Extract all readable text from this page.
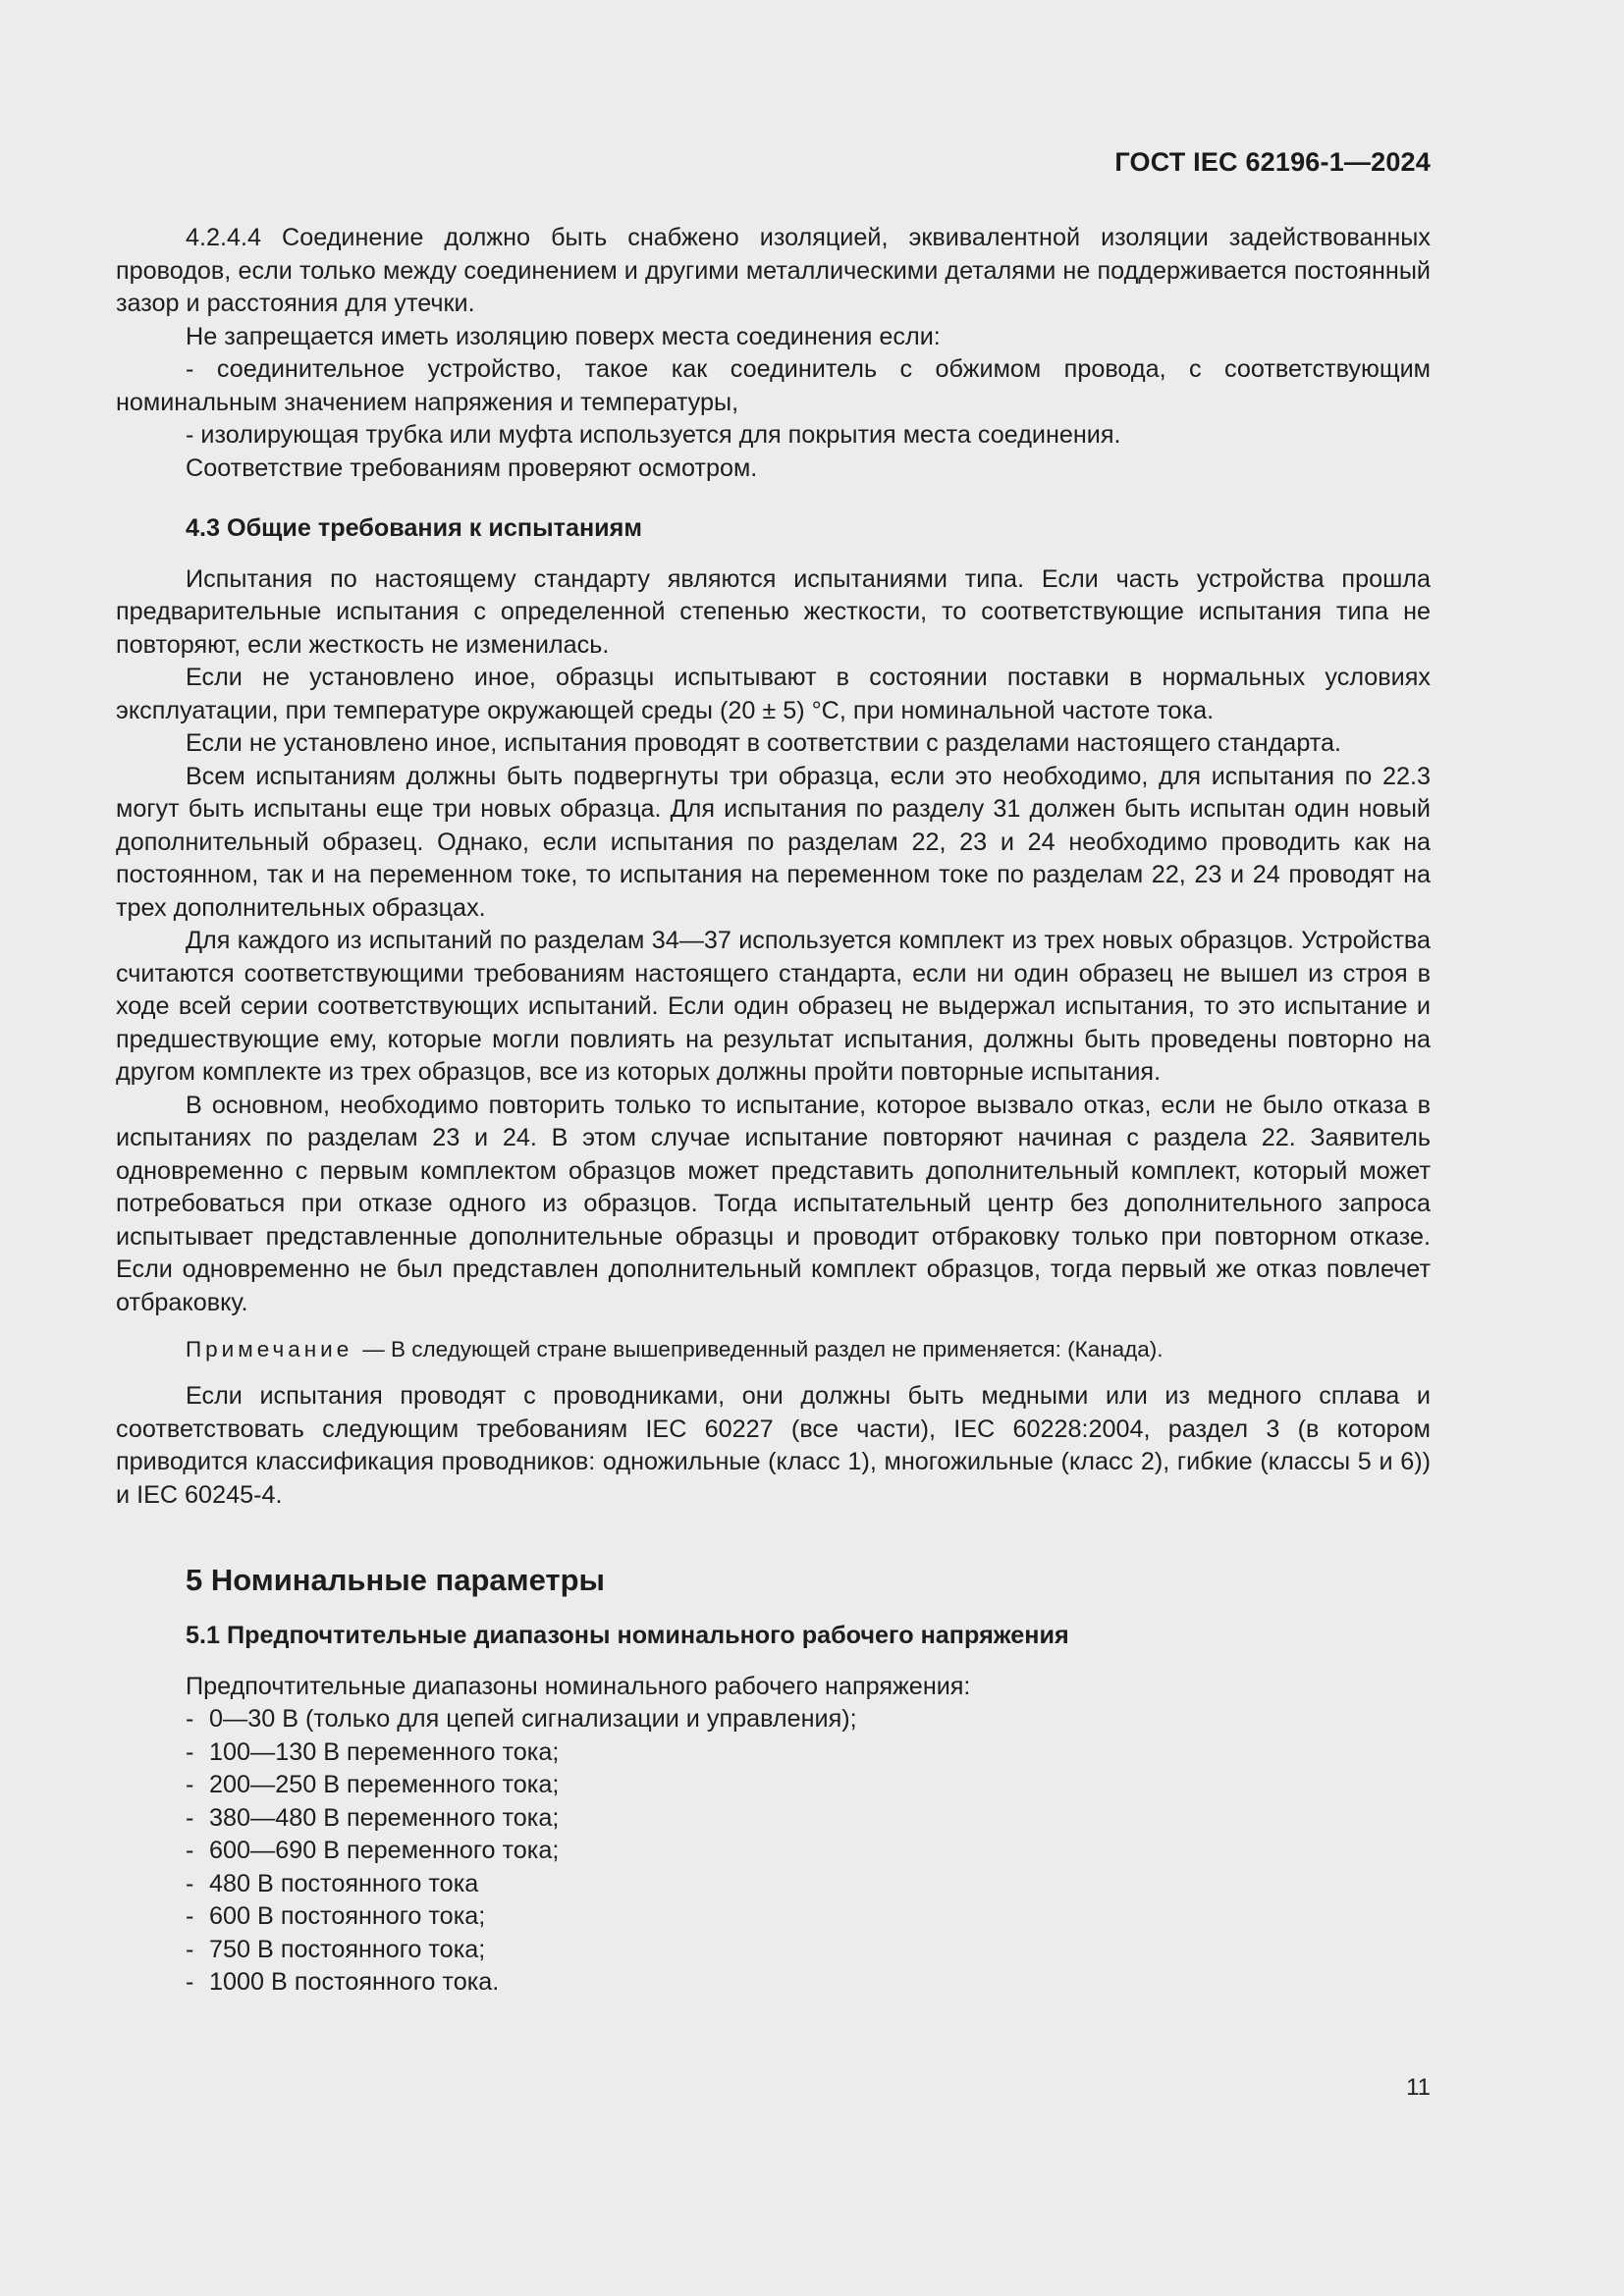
ГОСТ IEC 62196-1—2024

4.2.4.4 Соединение должно быть снабжено изоляцией, эквивалентной изоляции задействованных проводов, если только между соединением и другими металлическими деталями не поддерживается постоянный зазор и расстояния для утечки.

Не запрещается иметь изоляцию поверх места соединения если:

- соединительное устройство, такое как соединитель с обжимом провода, с соответствующим номинальным значением напряжения и температуры,

- изолирующая трубка или муфта используется для покрытия места соединения.

Соответствие требованиям проверяют осмотром.

4.3 Общие требования к испытаниям

Испытания по настоящему стандарту являются испытаниями типа. Если часть устройства прошла предварительные испытания с определенной степенью жесткости, то соответствующие испытания типа не повторяют, если жесткость не изменилась.

Если не установлено иное, образцы испытывают в состоянии поставки в нормальных условиях эксплуатации, при температуре окружающей среды (20 ± 5) °С, при номинальной частоте тока.

Если не установлено иное, испытания проводят в соответствии с разделами настоящего стандарта.

Всем испытаниям должны быть подвергнуты три образца, если это необходимо, для испытания по 22.3 могут быть испытаны еще три новых образца. Для испытания по разделу 31 должен быть испытан один новый дополнительный образец. Однако, если испытания по разделам 22, 23 и 24 необходимо проводить как на постоянном, так и на переменном токе, то испытания на переменном токе по разделам 22, 23 и 24 проводят на трех дополнительных образцах.

Для каждого из испытаний по разделам 34—37 используется комплект из трех новых образцов. Устройства считаются соответствующими требованиям настоящего стандарта, если ни один образец не вышел из строя в ходе всей серии соответствующих испытаний. Если один образец не выдержал испытания, то это испытание и предшествующие ему, которые могли повлиять на результат испытания, должны быть проведены повторно на другом комплекте из трех образцов, все из которых должны пройти повторные испытания.

В основном, необходимо повторить только то испытание, которое вызвало отказ, если не было отказа в испытаниях по разделам 23 и 24. В этом случае испытание повторяют начиная с раздела 22. Заявитель одновременно с первым комплектом образцов может представить дополнительный комплект, который может потребоваться при отказе одного из образцов. Тогда испытательный центр без дополнительного запроса испытывает представленные дополнительные образцы и проводит отбраковку только при повторном отказе. Если одновременно не был представлен дополнительный комплект образцов, тогда первый же отказ повлечет отбраковку.

Примечание — В следующей стране вышеприведенный раздел не применяется: (Канада).

Если испытания проводят с проводниками, они должны быть медными или из медного сплава и соответствовать следующим требованиям IEC 60227 (все части), IEC 60228:2004, раздел 3 (в котором приводится классификация проводников: одножильные (класс 1), многожильные (класс 2), гибкие (классы 5 и 6)) и IEC 60245-4.

5 Номинальные параметры
5.1 Предпочтительные диапазоны номинального рабочего напряжения

Предпочтительные диапазоны номинального рабочего напряжения:

- 0—30 В (только для цепей сигнализации и управления);
- 100—130 В переменного тока;
- 200—250 В переменного тока;
- 380—480 В переменного тока;
- 600—690 В переменного тока;
- 480 В постоянного тока
- 600 В постоянного тока;
- 750 В постоянного тока;
- 1000 В постоянного тока.
11
